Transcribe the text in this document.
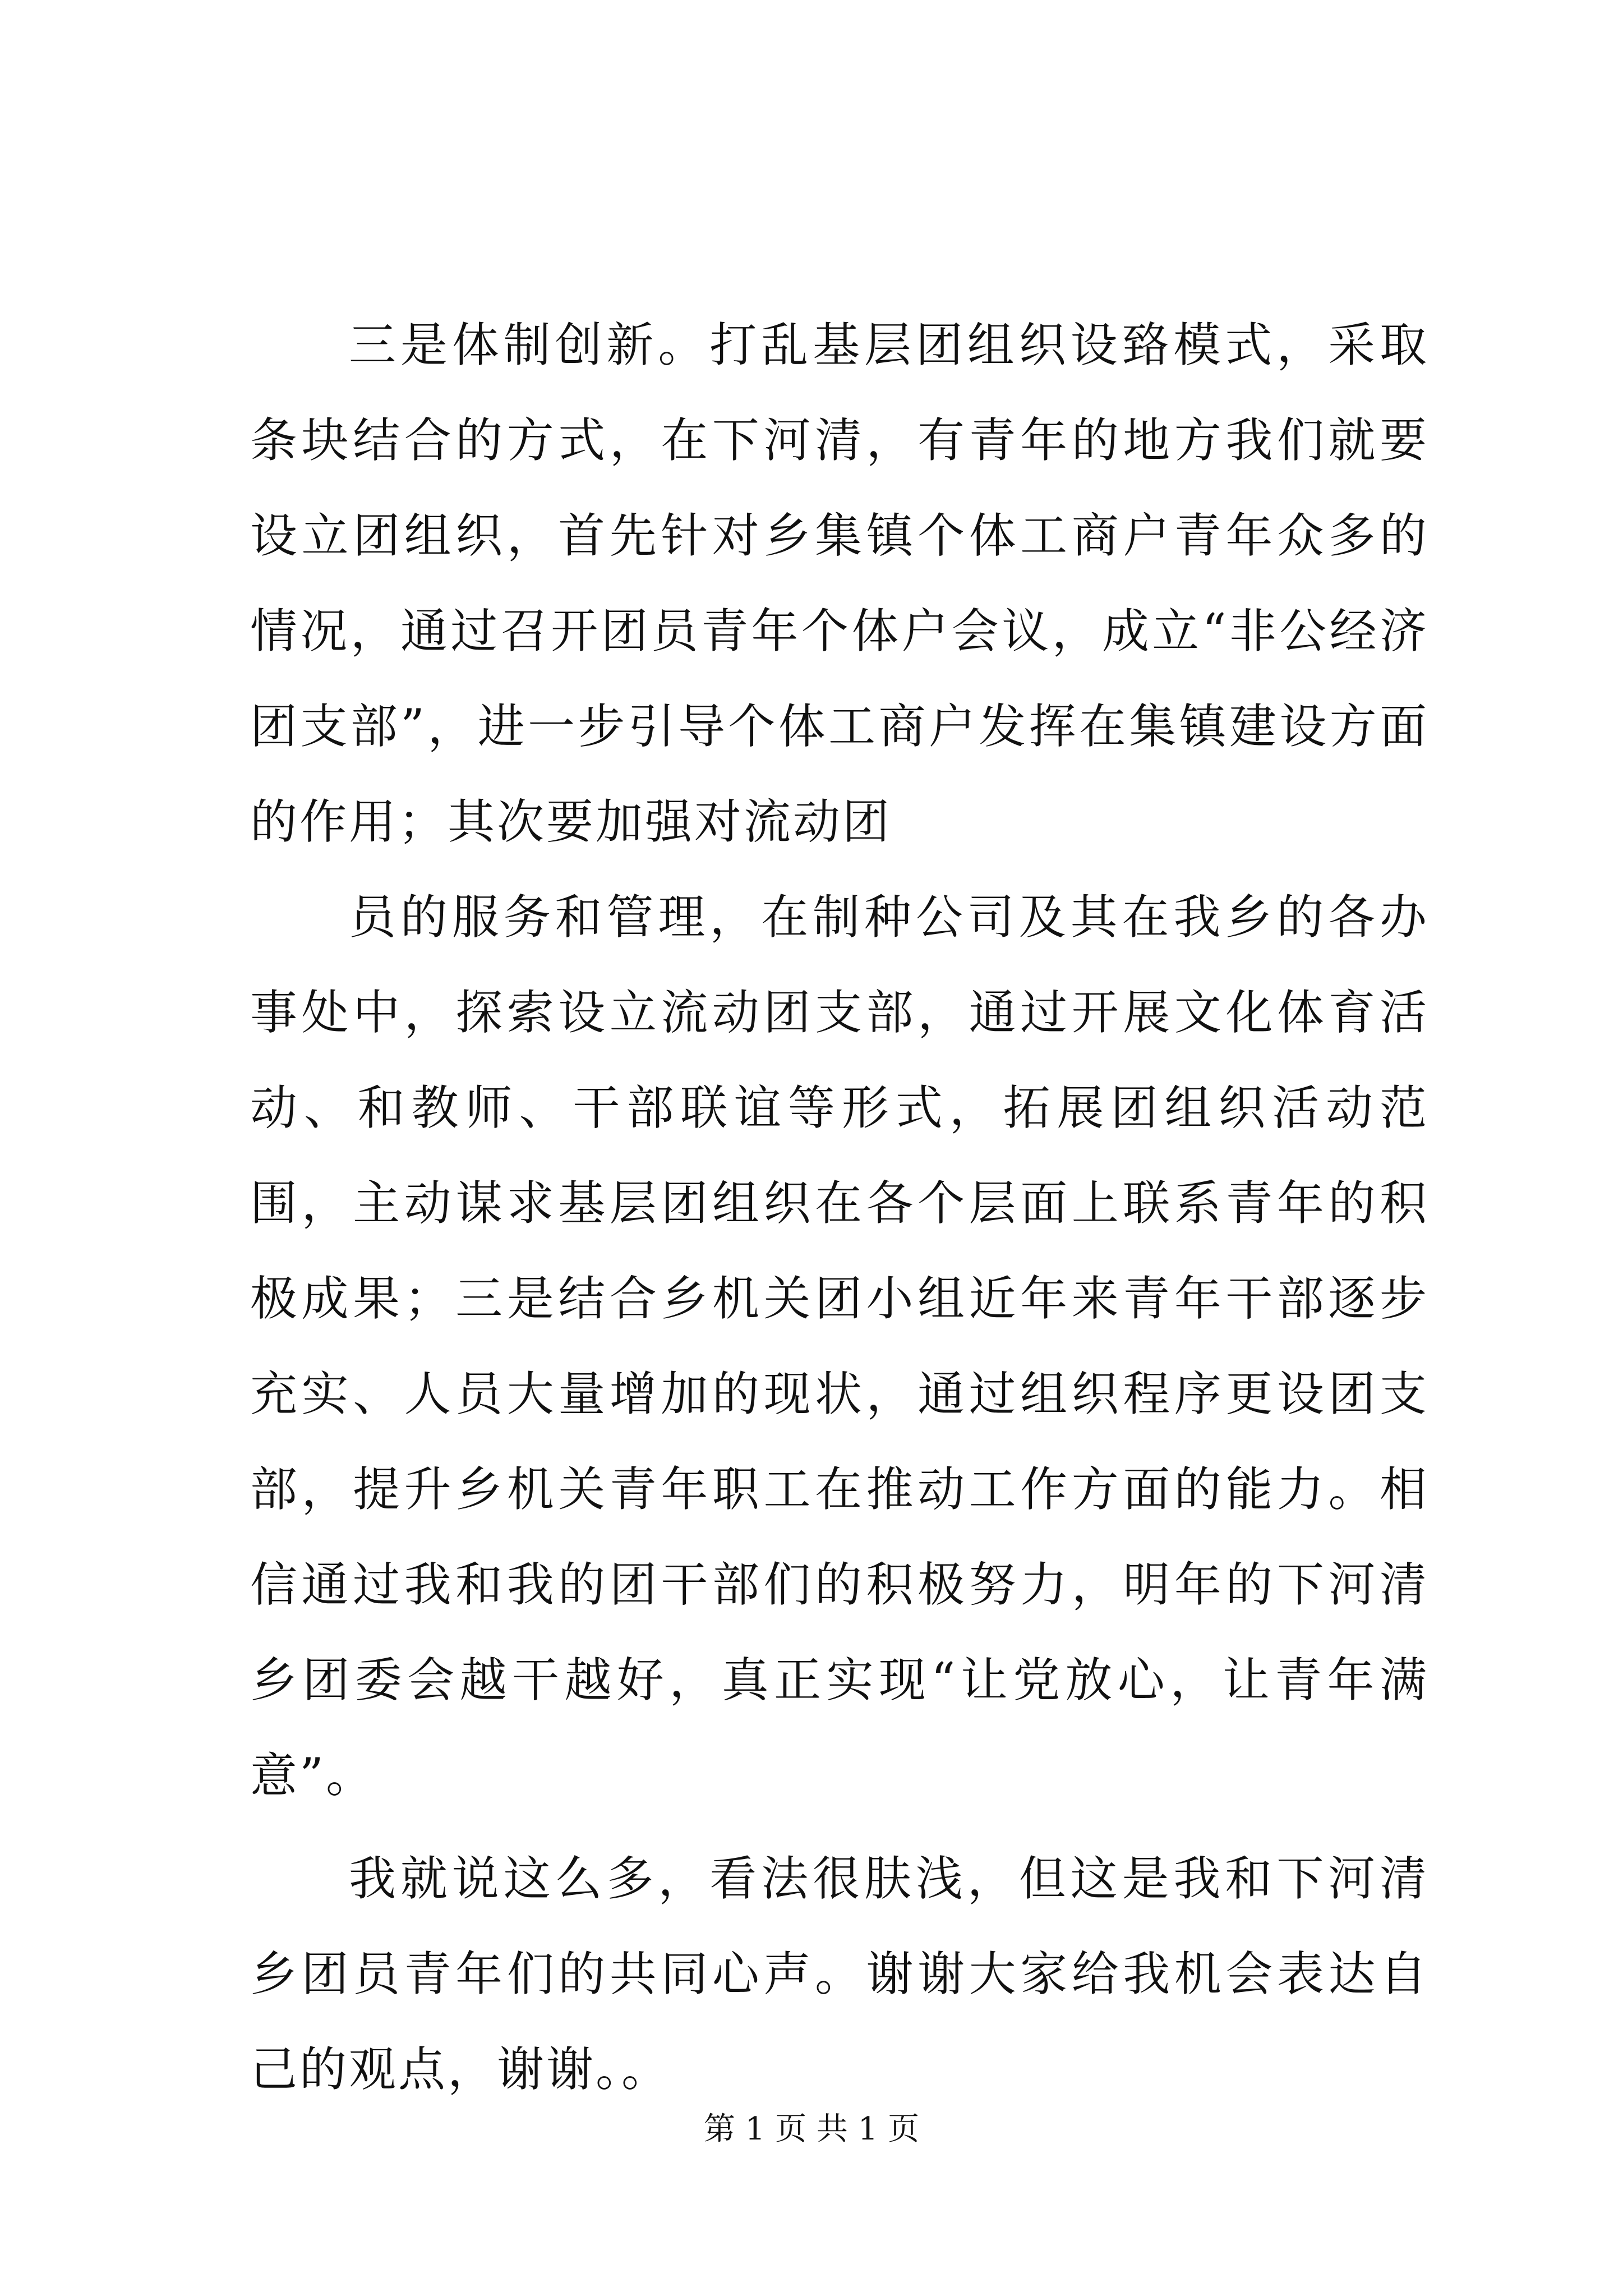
三是体制创新。打乱基层团组织设臵模式，采取条块结合的方式，在下河清，有青年的地方我们就要设立团组织，首先针对乡集镇个体工商户青年众多的情况，通过召开团员青年个体户会议，成立“非公经济团支部”，进一步引导个体工商户发挥在集镇建设方面的作用；其次要加强对流动团

员的服务和管理，在制种公司及其在我乡的各办事处中，探索设立流动团支部，通过开展文化体育活动、和教师、干部联谊等形式，拓展团组织活动范围，主动谋求基层团组织在各个层面上联系青年的积极成果；三是结合乡机关团小组近年来青年干部逐步充实、人员大量增加的现状，通过组织程序更设团支部，提升乡机关青年职工在推动工作方面的能力。相信通过我和我的团干部们的积极努力，明年的下河清乡团委会越干越好，真正实现“让党放心，让青年满意”。

我就说这么多，看法很肤浅，但这是我和下河清乡团员青年们的共同心声。谢谢大家给我机会表达自己的观点，谢谢。。

第 1 页 共 1 页
